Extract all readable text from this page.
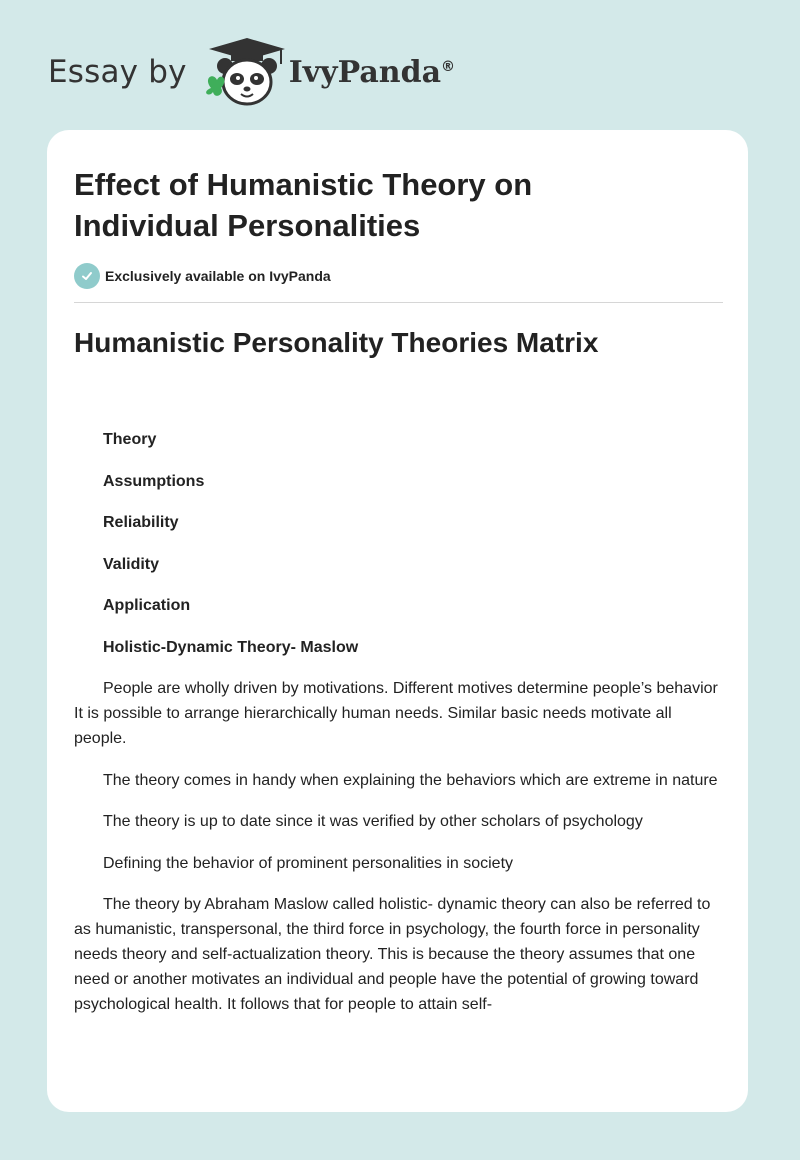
Essay by	IvyPanda®
Effect of Humanistic Theory on Individual Personalities
Exclusively available on IvyPanda
Humanistic Personality Theories Matrix

Theory

Assumptions

Reliability

Validity

Application

Holistic-Dynamic Theory- Maslow

People are wholly driven by motivations. Different motives determine people’s behavior It is possible to arrange hierarchically human needs. Similar basic needs motivate all people.

The theory comes in handy when explaining the behaviors which are extreme in nature

The theory is up to date since it was verified by other scholars of psychology

Defining the behavior of prominent personalities in society

The theory by Abraham Maslow called holistic- dynamic theory can also be referred to as humanistic, transpersonal, the third force in psychology, the fourth force in personality needs theory and self-actualization theory. This is because the theory assumes that one need or another motivates an individual and people have the potential of growing toward psychological health. It follows that for people to attain self-
